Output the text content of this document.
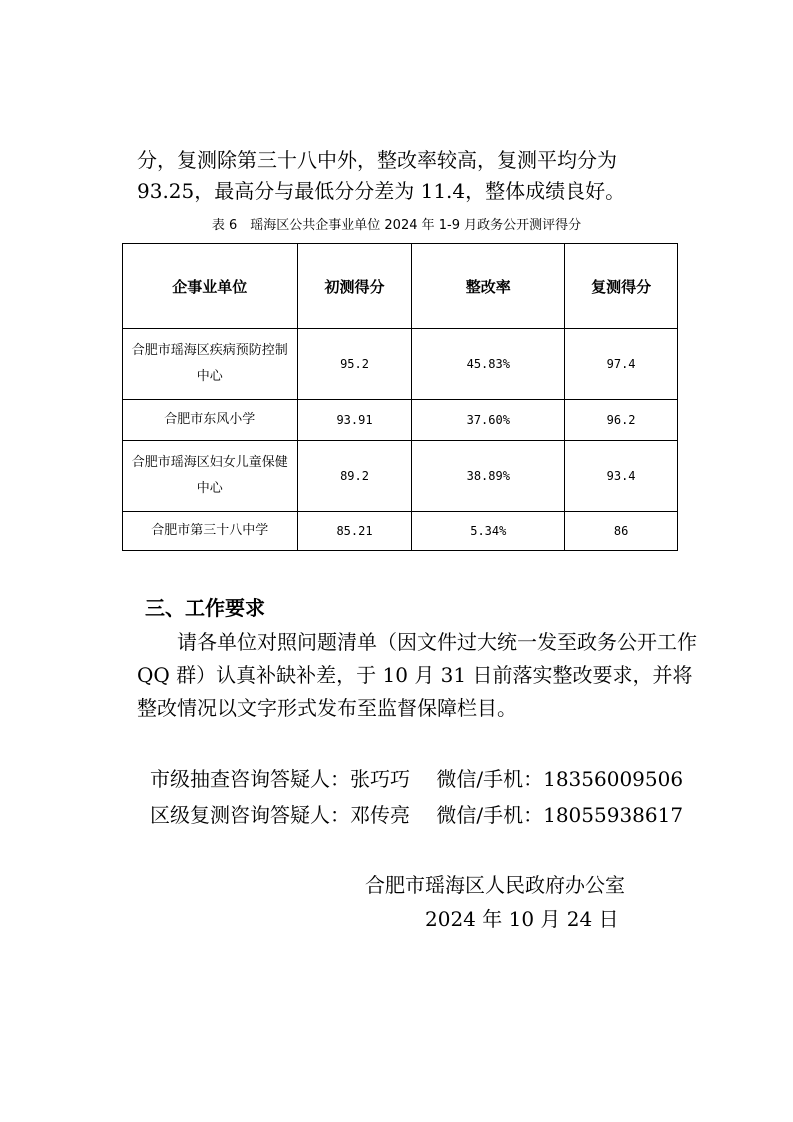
分，复测除第三十八中外，整改率较高，复测平均分为 93.25，最高分与最低分分差为 11.4，整体成绩良好。

表 6　瑶海区公共企事业单位 2024 年 1-9 月政务公开测评得分
企事业单位	初测得分	整改率	复测得分
合肥市瑶海区疾病预防控制中心	95.2	45.83%	97.4
合肥市东风小学	93.91	37.60%	96.2
合肥市瑶海区妇女儿童保健中心	89.2	38.89%	93.4
合肥市第三十八中学	85.21	5.34%	86
三、工作要求

请各单位对照问题清单（因文件过大统一发至政务公开工作 QQ 群）认真补缺补差，于 10 月 31 日前落实整改要求，并将整改情况以文字形式发布至监督保障栏目。

市级抽查咨询答疑人：张巧巧　 微信/手机：18356009506

区级复测咨询答疑人：邓传亮　 微信/手机：18055938617

合肥市瑶海区人民政府办公室

2024 年 10 月 24 日
